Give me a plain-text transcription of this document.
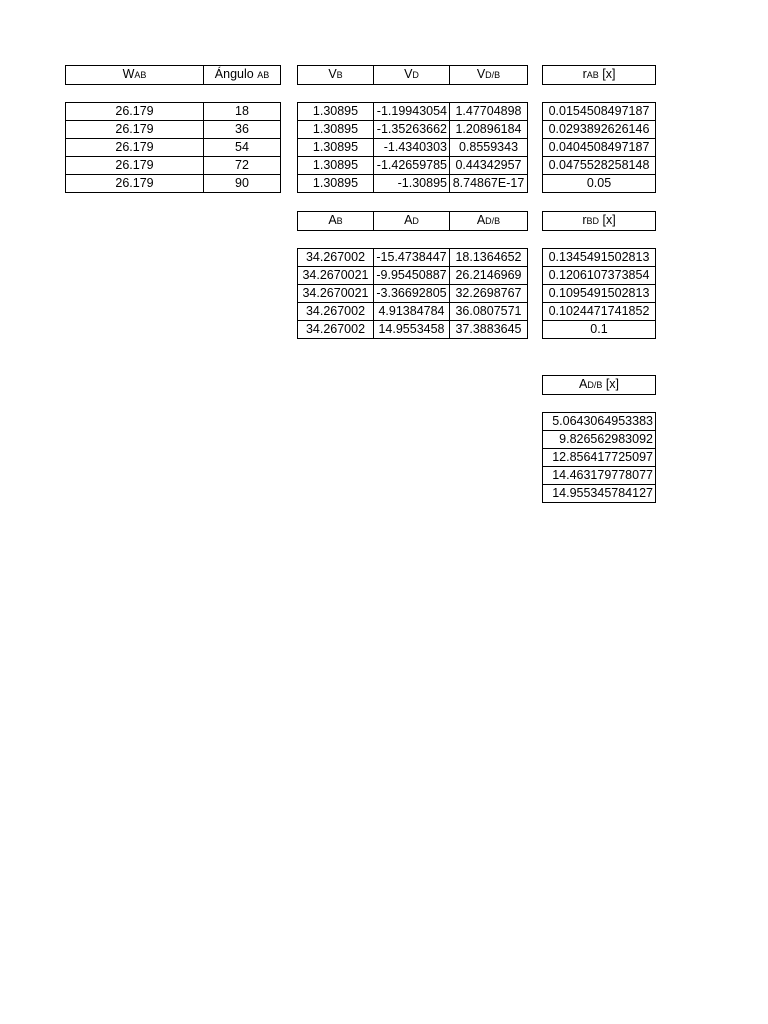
WAB	Ángulo AB	VB	VD	VD/B	rAB [x]
26.179	18
26.179	36
26.179	54
26.179	72
26.179	90
1.30895	-1.19943054	1.47704898
1.30895	-1.35263662	1.20896184
1.30895	-1.4340303	0.8559343
1.30895	-1.42659785	0.44342957
1.30895	-1.30895	8.74867E-17
0.0154508497187
0.0293892626146
0.0404508497187
0.0475528258148
0.05
AB	AD	AD/B	rBD [x]
34.267002	-15.4738447	18.1364652
34.2670021	-9.95450887	26.2146969
34.2670021	-3.36692805	32.2698767
34.267002	4.91384784	36.0807571
34.267002	14.9553458	37.3883645
0.1345491502813
0.1206107373854
0.1095491502813
0.1024471741852
0.1
AD/B [x]
5.0643064953383
9.826562983092
12.856417725097
14.463179778077
14.955345784127
